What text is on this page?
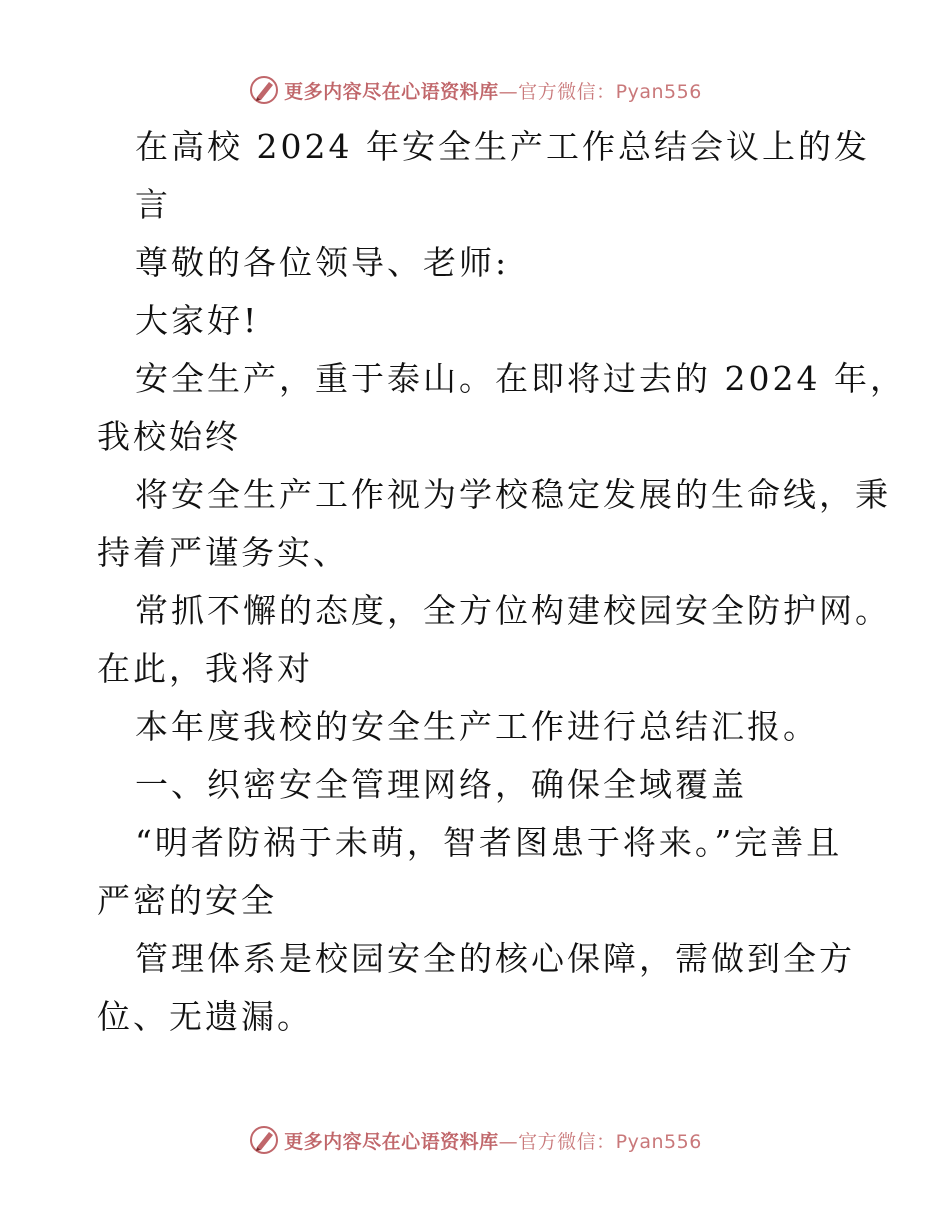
更多内容尽在心语资料库—官方微信：Pyan556
在高校 2024 年安全生产工作总结会议上的发
言
尊敬的各位领导、老师:
大家好!
安全生产，重于泰山。在即将过去的 2024 年，
我校始终
将安全生产工作视为学校稳定发展的生命线，秉
持着严谨务实、
常抓不懈的态度，全方位构建校园安全防护网。
在此，我将对
本年度我校的安全生产工作进行总结汇报。
一、织密安全管理网络，确保全域覆盖
“明者防祸于未萌，智者图患于将来。”完善且
严密的安全
管理体系是校园安全的核心保障，需做到全方
位、无遗漏。
更多内容尽在心语资料库—官方微信：Pyan556
